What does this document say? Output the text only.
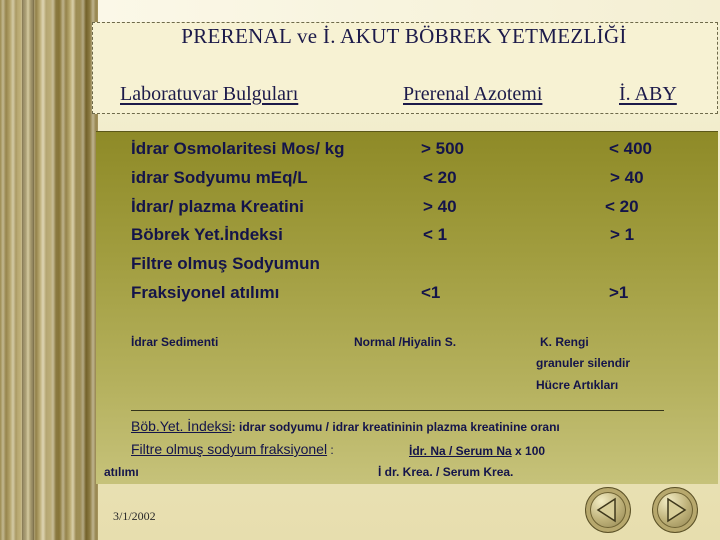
PRERENAL ve İ. AKUT BÖBREK YETMEZLİĞİ
Laboratuvar Bulguları	Prerenal Azotemi	İ. ABY
İdrar Osmolaritesi Mos/ kg	> 500	< 400
idrar Sodyumu mEq/L	< 20	> 40
İdrar/ plazma Kreatini	> 40	< 20
Böbrek Yet.İndeksi	< 1	> 1
Filtre olmuş Sodyumun
Fraksiyonel atılımı	<1	>1
İdrar Sedimenti	Normal /Hiyalin S.	K. Rengi
granuler silendir
Hücre Artıkları
Böb.Yet. İndeksi: idrar sodyumu / idrar kreatininin plazma kreatinine oranı
Filtre olmuş sodyum fraksiyonel :	İdr. Na / Serum Na x 100
atılımı	İ dr. Krea. / Serum Krea.
3/1/2002
